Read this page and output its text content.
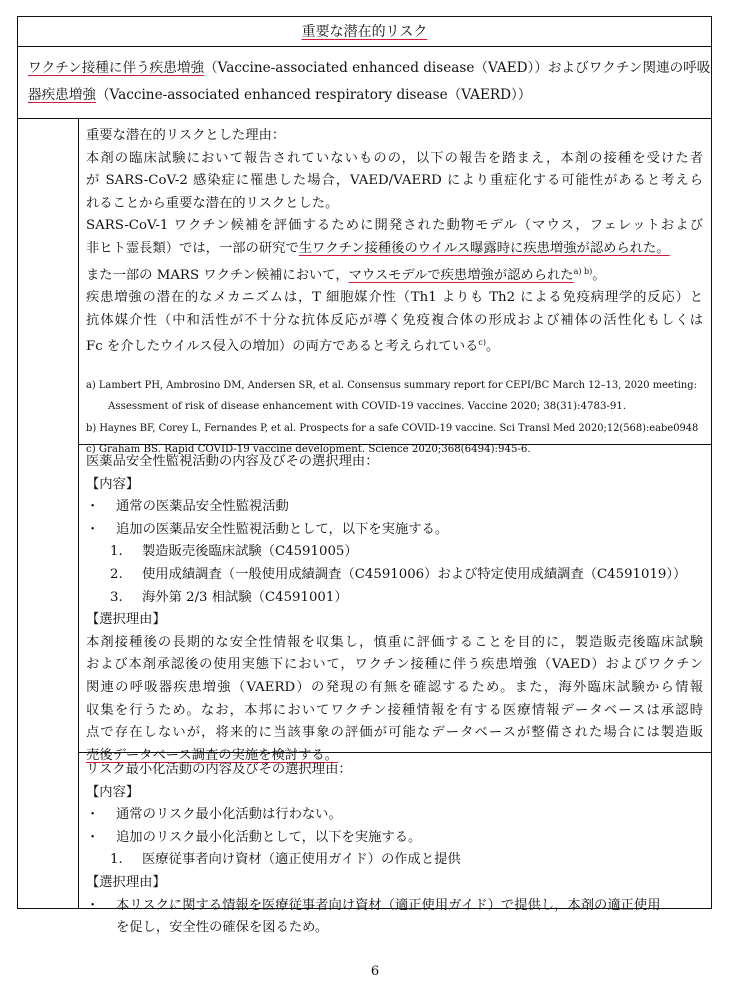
重要な潜在的リスク
ワクチン接種に伴う疾患増強（Vaccine-associated enhanced disease（VAED））およびワクチン関連の呼吸
器疾患増強（Vaccine-associated enhanced respiratory disease（VAERD））
重要な潜在的リスクとした理由：
本剤の臨床試験において報告されていないものの，以下の報告を踏まえ，本剤の接種を受けた者
が SARS-CoV-2 感染症に罹患した場合，VAED/VAERD により重症化する可能性があると考えら
れることから重要な潜在的リスクとした。
SARS-CoV-1 ワクチン候補を評価するために開発された動物モデル（マウス，フェレットおよび
非ヒト霊長類）では，一部の研究で生ワクチン接種後のウイルス曝露時に疾患増強が認められた。
また一部の MARS ワクチン候補において，マウスモデルで疾患増強が認められた$^{a) b)}$。
疾患増強の潜在的なメカニズムは，T 細胞媒介性（Th1 よりも Th2 による免疫病理学的反応）と
抗体媒介性（中和活性が不十分な抗体反応が導く免疫複合体の形成および補体の活性化もしくは
Fc を介したウイルス侵入の増加）の両方であると考えられている$^{c)}$。
a) Lambert PH, Ambrosino DM, Andersen SR, et al. Consensus summary report for CEPI/BC March 12–13, 2020 meeting:
Assessment of risk of disease enhancement with COVID-19 vaccines. Vaccine 2020; 38(31):4783-91.
b) Haynes BF, Corey L, Fernandes P, et al. Prospects for a safe COVID-19 vaccine. Sci Transl Med 2020;12(568):eabe0948
c) Graham BS. Rapid COVID-19 vaccine development. Science 2020;368(6494):945-6.
医薬品安全性監視活動の内容及びその選択理由：
【内容】
・ 通常の医薬品安全性監視活動
・ 追加の医薬品安全性監視活動として，以下を実施する。
1. 製造販売後臨床試験（C4591005）
2. 使用成績調査（一般使用成績調査（C4591006）および特定使用成績調査（C4591019））
3. 海外第 2/3 相試験（C4591001）
【選択理由】
本剤接種後の長期的な安全性情報を収集し，慎重に評価することを目的に，製造販売後臨床試験
および本剤承認後の使用実態下において，ワクチン接種に伴う疾患増強（VAED）およびワクチン
関連の呼吸器疾患増強（VAERD）の発現の有無を確認するため。また，海外臨床試験から情報
収集を行うため。なお，本邦においてワクチン接種情報を有する医療情報データベースは承認時
点で存在しないが，将来的に当該事象の評価が可能なデータベースが整備された場合には製造販
売後データベース調査の実施を検討する。
リスク最小化活動の内容及びその選択理由：
【内容】
・ 通常のリスク最小化活動は行わない。
・ 追加のリスク最小化活動として，以下を実施する。
1. 医療従事者向け資材（適正使用ガイド）の作成と提供
【選択理由】
・ 本リスクに関する情報を医療従事者向け資材（適正使用ガイド）で提供し，本剤の適正使用
を促し，安全性の確保を図るため。
6
